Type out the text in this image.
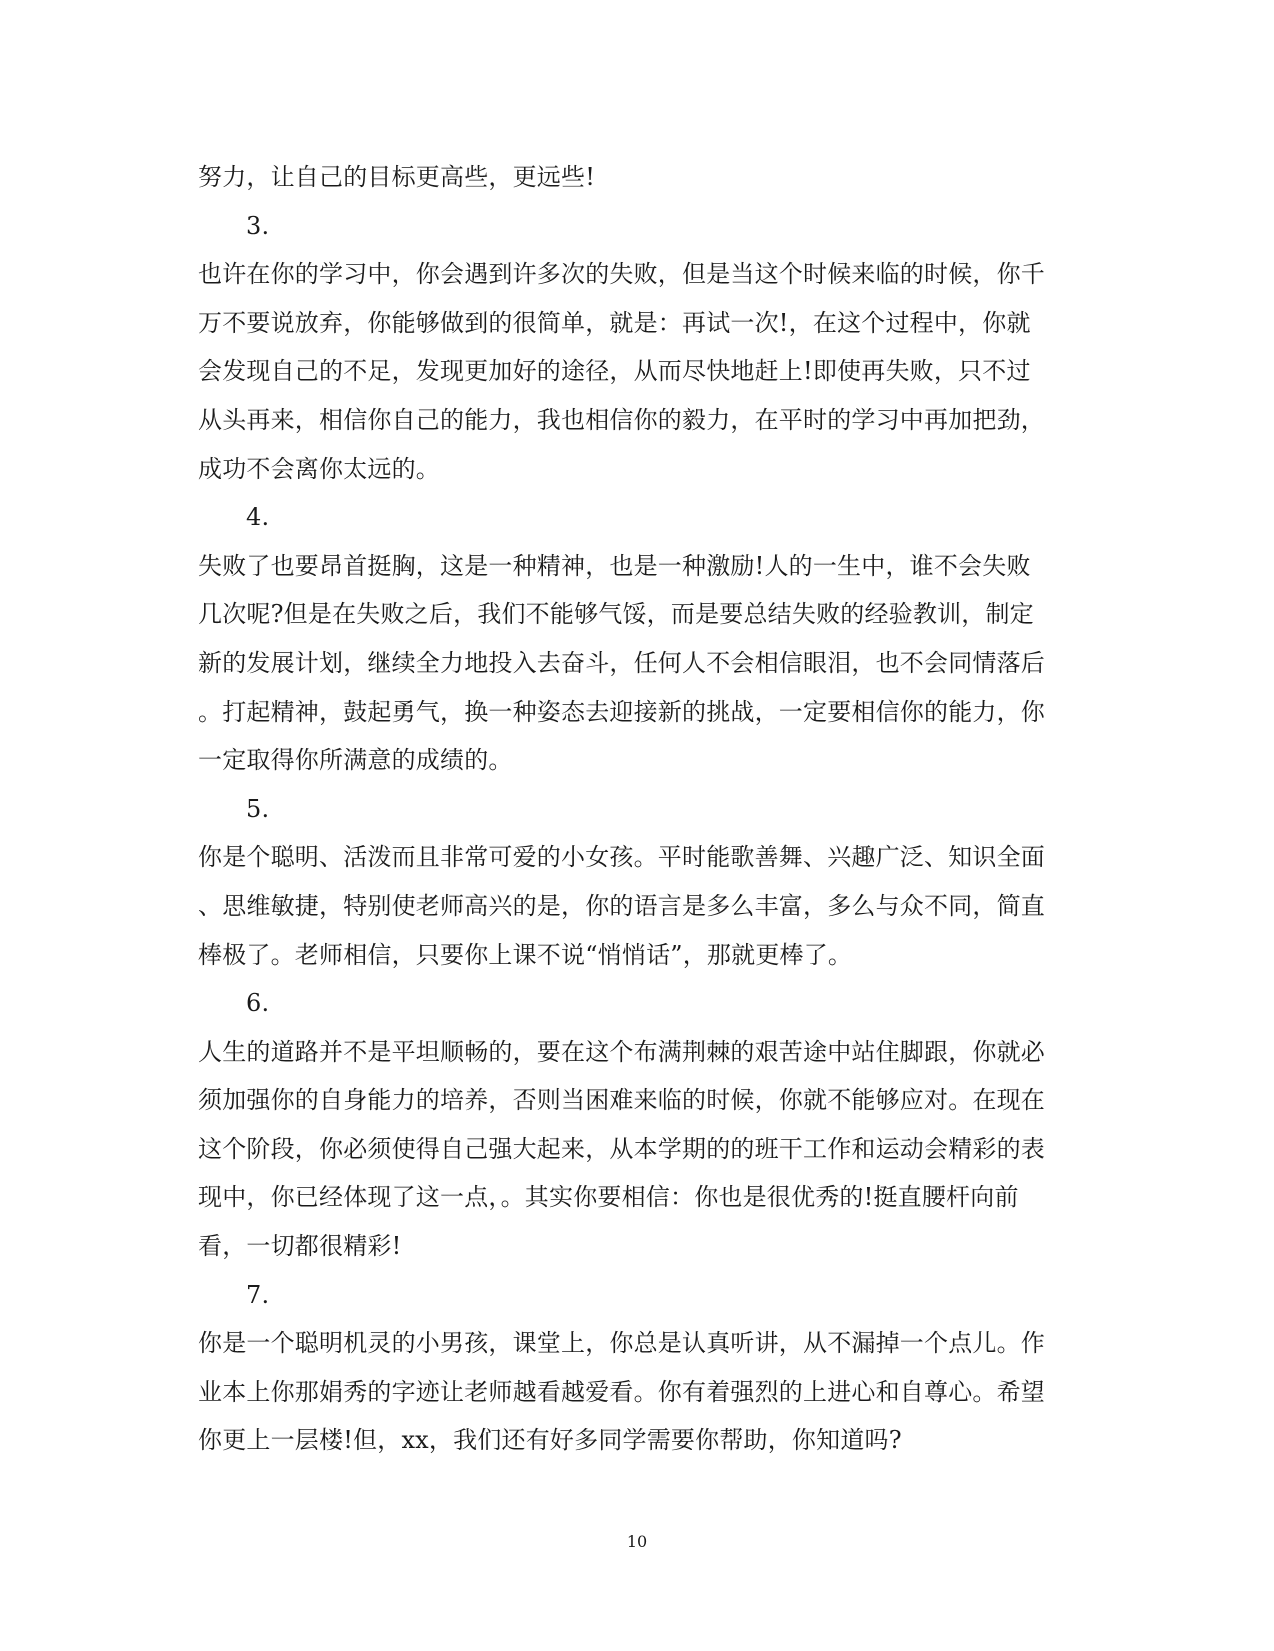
努力，让自己的目标更高些，更远些!
3.
也许在你的学习中，你会遇到许多次的失败，但是当这个时候来临的时候，你千
万不要说放弃，你能够做到的很简单，就是：再试一次!，在这个过程中，你就
会发现自己的不足，发现更加好的途径，从而尽快地赶上!即使再失败，只不过
从头再来，相信你自己的能力，我也相信你的毅力，在平时的学习中再加把劲，
成功不会离你太远的。
4.
失败了也要昂首挺胸，这是一种精神，也是一种激励!人的一生中，谁不会失败
几次呢?但是在失败之后，我们不能够气馁，而是要总结失败的经验教训，制定
新的发展计划，继续全力地投入去奋斗，任何人不会相信眼泪，也不会同情落后
。打起精神，鼓起勇气，换一种姿态去迎接新的挑战，一定要相信你的能力，你
一定取得你所满意的成绩的。
5.
你是个聪明、活泼而且非常可爱的小女孩。平时能歌善舞、兴趣广泛、知识全面
、思维敏捷，特别使老师高兴的是，你的语言是多么丰富，多么与众不同，简直
棒极了。老师相信，只要你上课不说“悄悄话”，那就更棒了。
6.
人生的道路并不是平坦顺畅的，要在这个布满荆棘的艰苦途中站住脚跟，你就必
须加强你的自身能力的培养，否则当困难来临的时候，你就不能够应对。在现在
这个阶段，你必须使得自己强大起来，从本学期的的班干工作和运动会精彩的表
现中，你已经体现了这一点，。其实你要相信：你也是很优秀的!挺直腰杆向前
看，一切都很精彩!
7.
你是一个聪明机灵的小男孩，课堂上，你总是认真听讲，从不漏掉一个点儿。作
业本上你那娟秀的字迹让老师越看越爱看。你有着强烈的上进心和自尊心。希望
你更上一层楼!但，xx，我们还有好多同学需要你帮助，你知道吗?
10
